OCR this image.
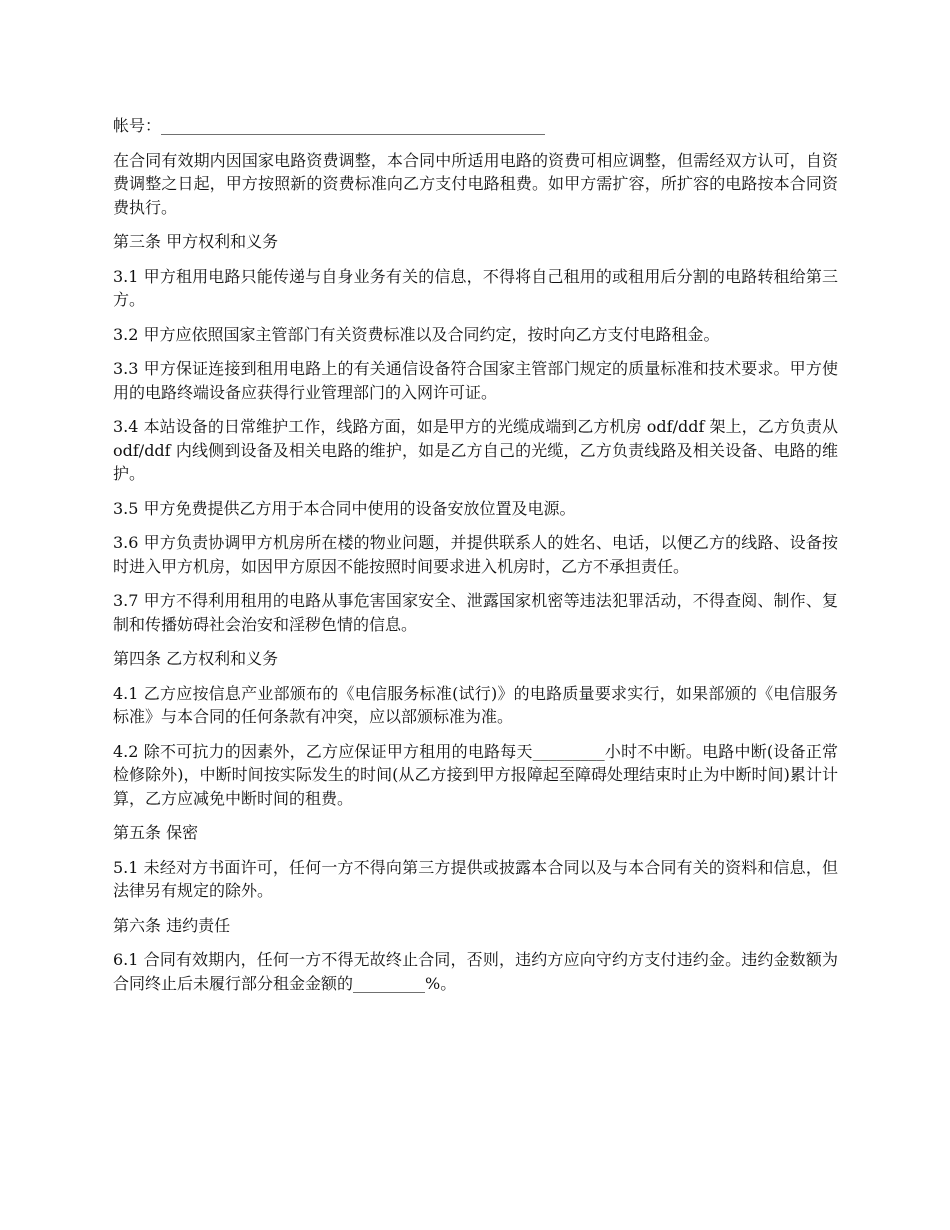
帐号：________________________________________________

在合同有效期内因国家电路资费调整，本合同中所适用电路的资费可相应调整，但需经双方认可，自资费调整之日起，甲方按照新的资费标准向乙方支付电路租费。如甲方需扩容，所扩容的电路按本合同资费执行。

第三条 甲方权利和义务

3.1 甲方租用电路只能传递与自身业务有关的信息，不得将自己租用的或租用后分割的电路转租给第三方。

3.2 甲方应依照国家主管部门有关资费标准以及合同约定，按时向乙方支付电路租金。

3.3 甲方保证连接到租用电路上的有关通信设备符合国家主管部门规定的质量标准和技术要求。甲方使用的电路终端设备应获得行业管理部门的入网许可证。

3.4 本站设备的日常维护工作，线路方面，如是甲方的光缆成端到乙方机房 odf/ddf 架上，乙方负责从 odf/ddf 内线侧到设备及相关电路的维护，如是乙方自己的光缆，乙方负责线路及相关设备、电路的维护。

3.5 甲方免费提供乙方用于本合同中使用的设备安放位置及电源。

3.6 甲方负责协调甲方机房所在楼的物业问题，并提供联系人的姓名、电话，以便乙方的线路、设备按时进入甲方机房，如因甲方原因不能按照时间要求进入机房时，乙方不承担责任。

3.7 甲方不得利用租用的电路从事危害国家安全、泄露国家机密等违法犯罪活动，不得查阅、制作、复制和传播妨碍社会治安和淫秽色情的信息。

第四条 乙方权利和义务

4.1 乙方应按信息产业部颁布的《电信服务标准(试行)》的电路质量要求实行，如果部颁的《电信服务标准》与本合同的任何条款有冲突，应以部颁标准为准。

4.2 除不可抗力的因素外，乙方应保证甲方租用的电路每天_________小时不中断。电路中断(设备正常检修除外)，中断时间按实际发生的时间(从乙方接到甲方报障起至障碍处理结束时止为中断时间)累计计算，乙方应减免中断时间的租费。

第五条 保密

5.1 未经对方书面许可，任何一方不得向第三方提供或披露本合同以及与本合同有关的资料和信息，但法律另有规定的除外。

第六条 违约责任

6.1 合同有效期内，任何一方不得无故终止合同，否则，违约方应向守约方支付违约金。违约金数额为合同终止后未履行部分租金金额的_________%。
